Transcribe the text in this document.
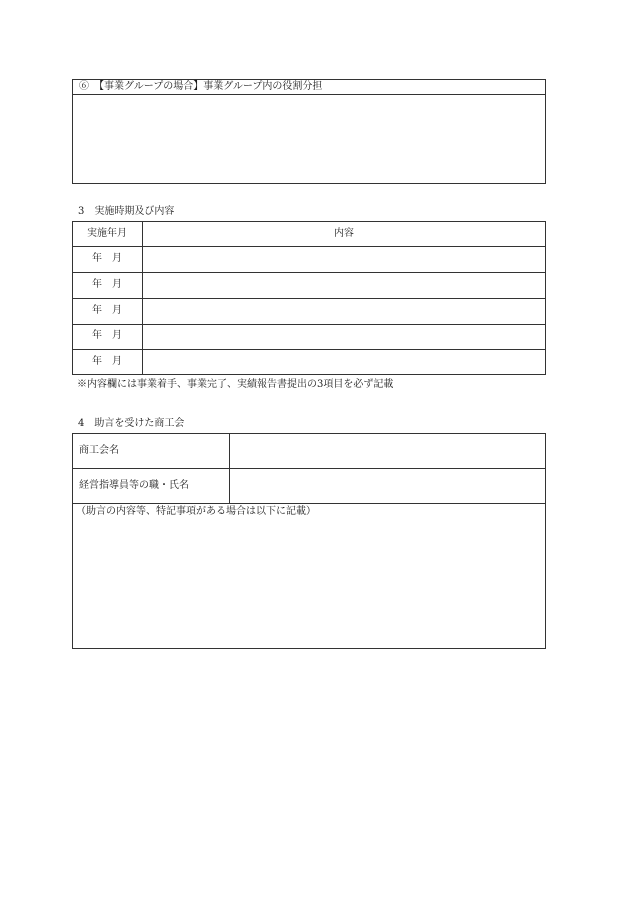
⑥　【事業グループの場合】事業グループ内の役割分担
3　実施時期及び内容
実施年月	内容
年　月
年　月
年　月
年　月
年　月
※内容欄には事業着手、事業完了、実績報告書提出の3項目を必ず記載
4　助言を受けた商工会
商工会名
経営指導員等の職・氏名
（助言の内容等、特記事項がある場合は以下に記載）
